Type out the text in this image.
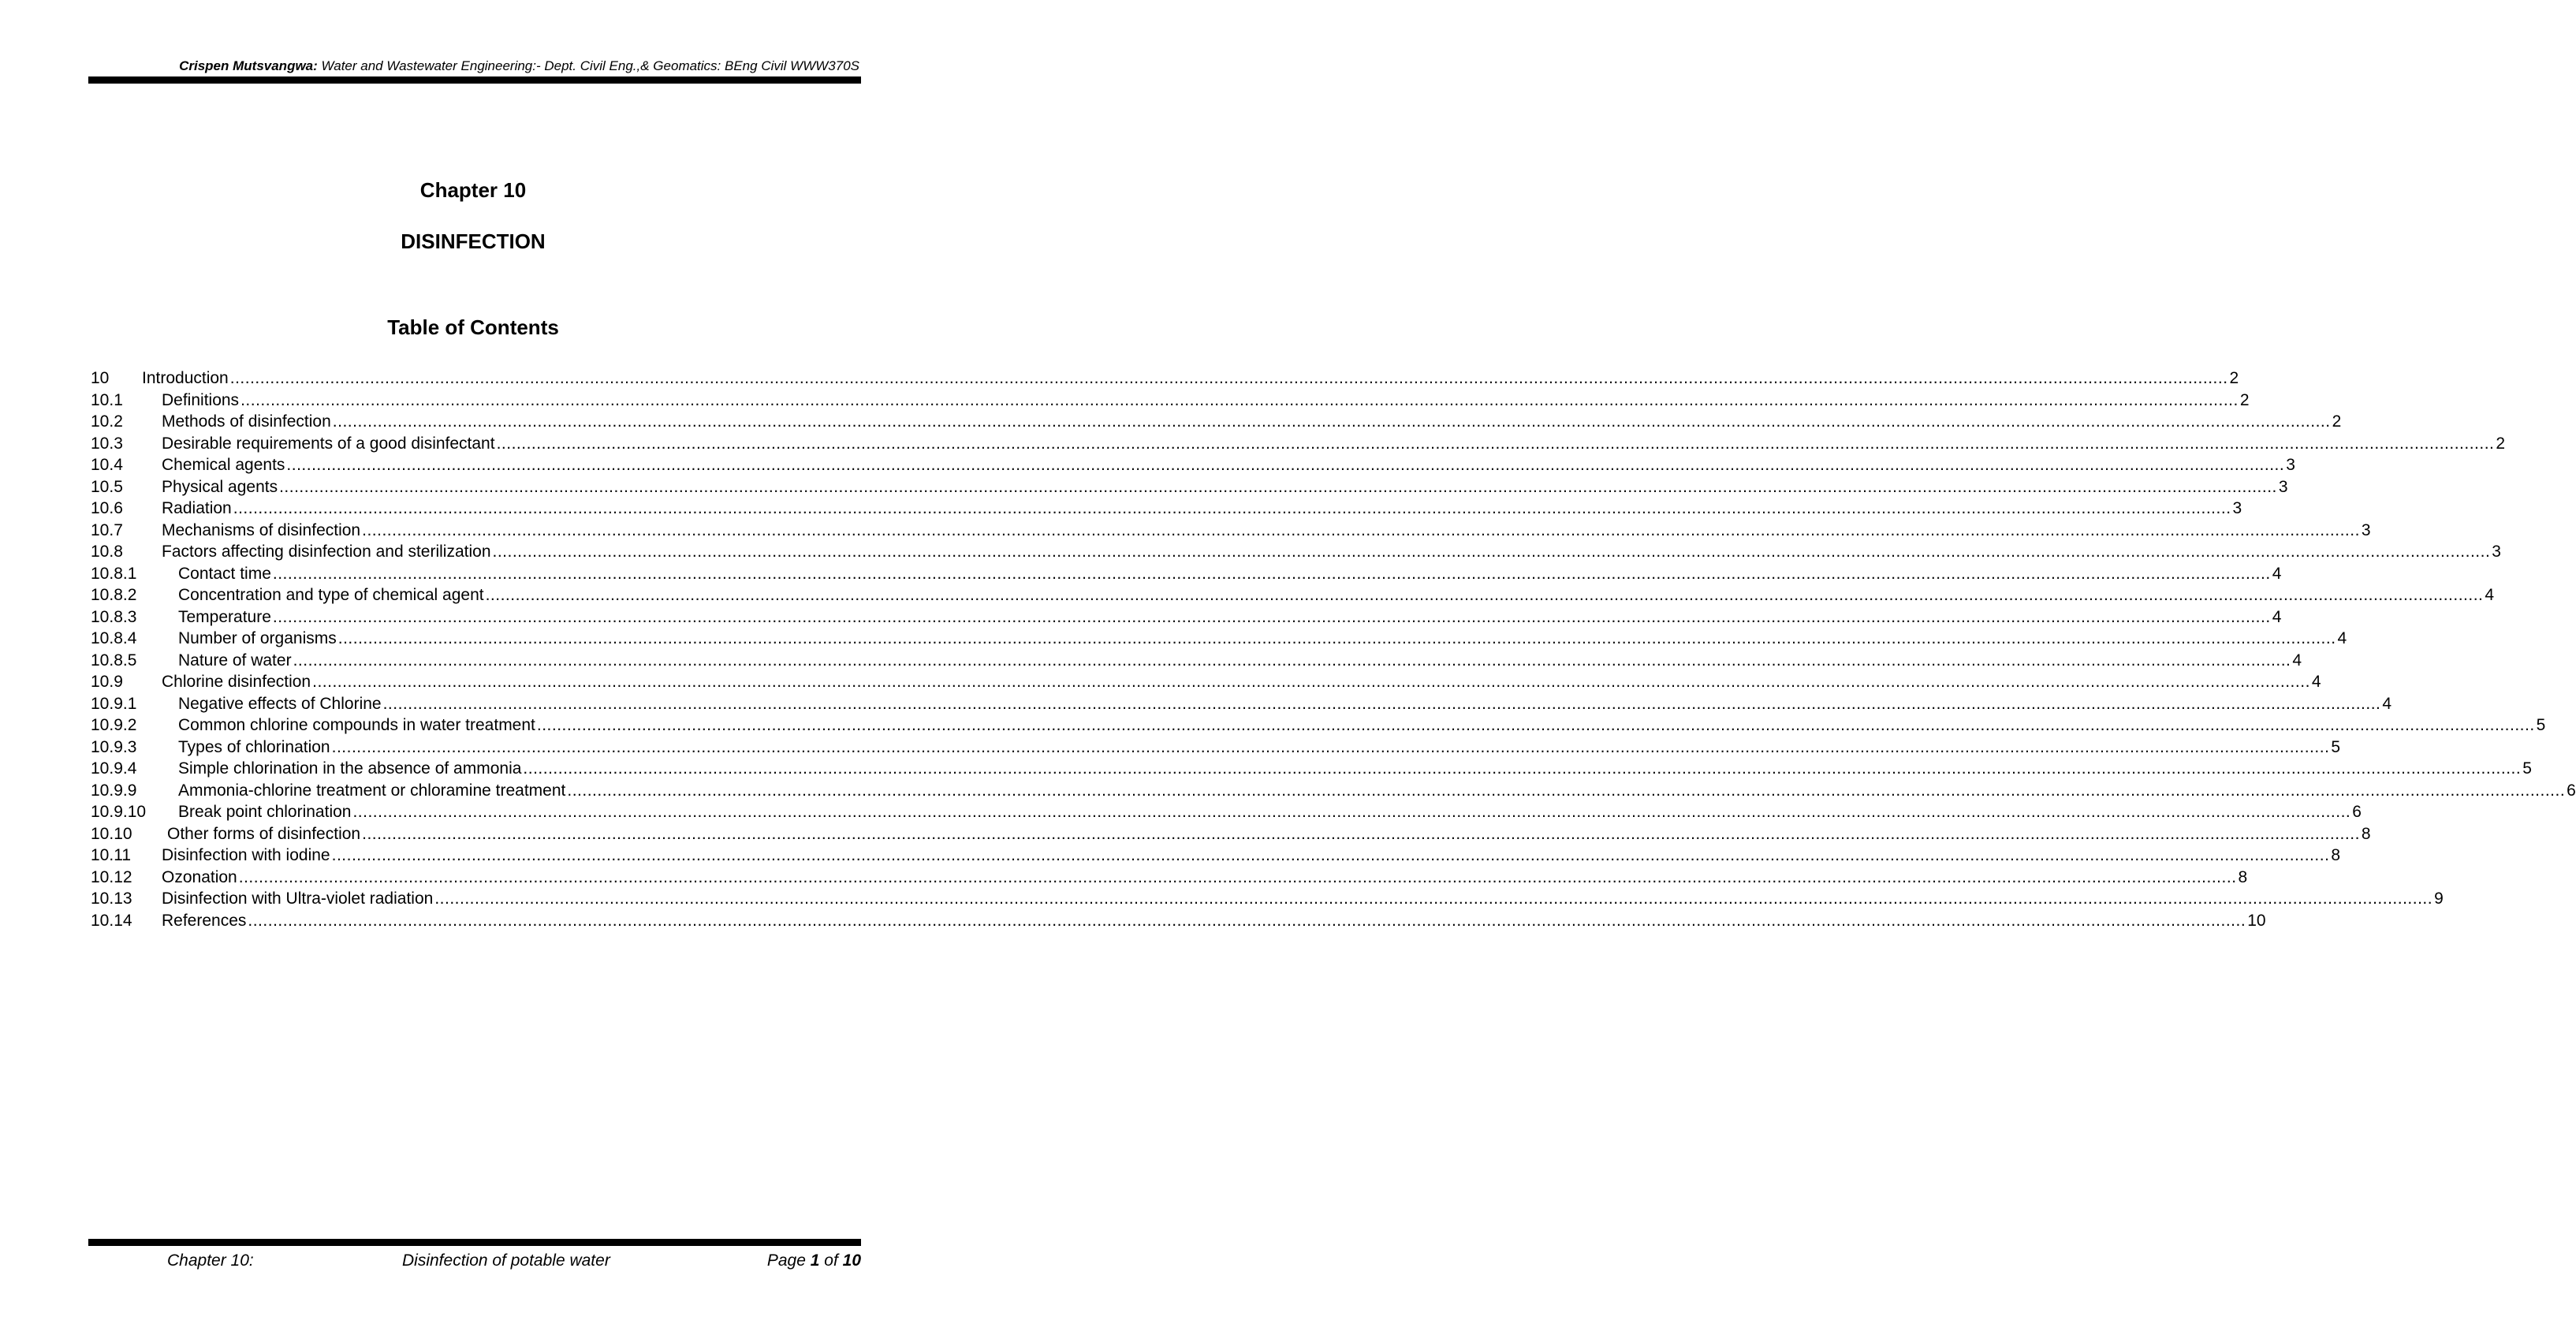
Crispen Mutsvangwa: Water and Wastewater Engineering:- Dept. Civil Eng.,& Geomatics: BEng Civil WWW370S
Chapter 10
DISINFECTION
Table of Contents
10 Introduction ................................................................................................................................................................................................................................................................................................................................................................................................................ 2
10.1 Definitions ................................................................................................................................................................................................................................................................................................................................................................................................................ 2
10.2 Methods of disinfection ................................................................................................................................................................................................................................................................................................................................................................................................................ 2
10.3 Desirable requirements of a good disinfectant ................................................................................................................................................................................................................................................................................................................................................................................................................ 2
10.4 Chemical agents ................................................................................................................................................................................................................................................................................................................................................................................................................ 3
10.5 Physical agents ................................................................................................................................................................................................................................................................................................................................................................................................................ 3
10.6 Radiation ................................................................................................................................................................................................................................................................................................................................................................................................................ 3
10.7 Mechanisms of disinfection ................................................................................................................................................................................................................................................................................................................................................................................................................ 3
10.8 Factors affecting disinfection and sterilization ................................................................................................................................................................................................................................................................................................................................................................................................................ 3
10.8.1	Contact time ................................................................................................................................................................................................................................................................................................................................................................................................................ 4
10.8.2	Concentration and type of chemical agent ................................................................................................................................................................................................................................................................................................................................................................................................................ 4
10.8.3	Temperature ................................................................................................................................................................................................................................................................................................................................................................................................................ 4
10.8.4	Number of organisms ................................................................................................................................................................................................................................................................................................................................................................................................................ 4
10.8.5	Nature of water ................................................................................................................................................................................................................................................................................................................................................................................................................ 4
10.9 Chlorine disinfection ................................................................................................................................................................................................................................................................................................................................................................................................................ 4
10.9.1	Negative effects of Chlorine ................................................................................................................................................................................................................................................................................................................................................................................................................ 4
10.9.2	Common chlorine compounds in water treatment ................................................................................................................................................................................................................................................................................................................................................................................................................ 5
10.9.3	Types of chlorination ................................................................................................................................................................................................................................................................................................................................................................................................................ 5
10.9.4	Simple chlorination in the absence of ammonia ................................................................................................................................................................................................................................................................................................................................................................................................................ 5
10.9.9	Ammonia-chlorine treatment or chloramine treatment ................................................................................................................................................................................................................................................................................................................................................................................................................ 6
10.9.10 Break point chlorination ................................................................................................................................................................................................................................................................................................................................................................................................................ 6
10.10 Other forms of disinfection ................................................................................................................................................................................................................................................................................................................................................................................................................ 8
10.11 Disinfection with iodine ................................................................................................................................................................................................................................................................................................................................................................................................................ 8
10.12 Ozonation ................................................................................................................................................................................................................................................................................................................................................................................................................ 8
10.13 Disinfection with Ultra-violet radiation ................................................................................................................................................................................................................................................................................................................................................................................................................ 9
10.14 References ................................................................................................................................................................................................................................................................................................................................................................................................................ 10
Chapter 10:	Disinfection of potable water	Page 1 of 10
